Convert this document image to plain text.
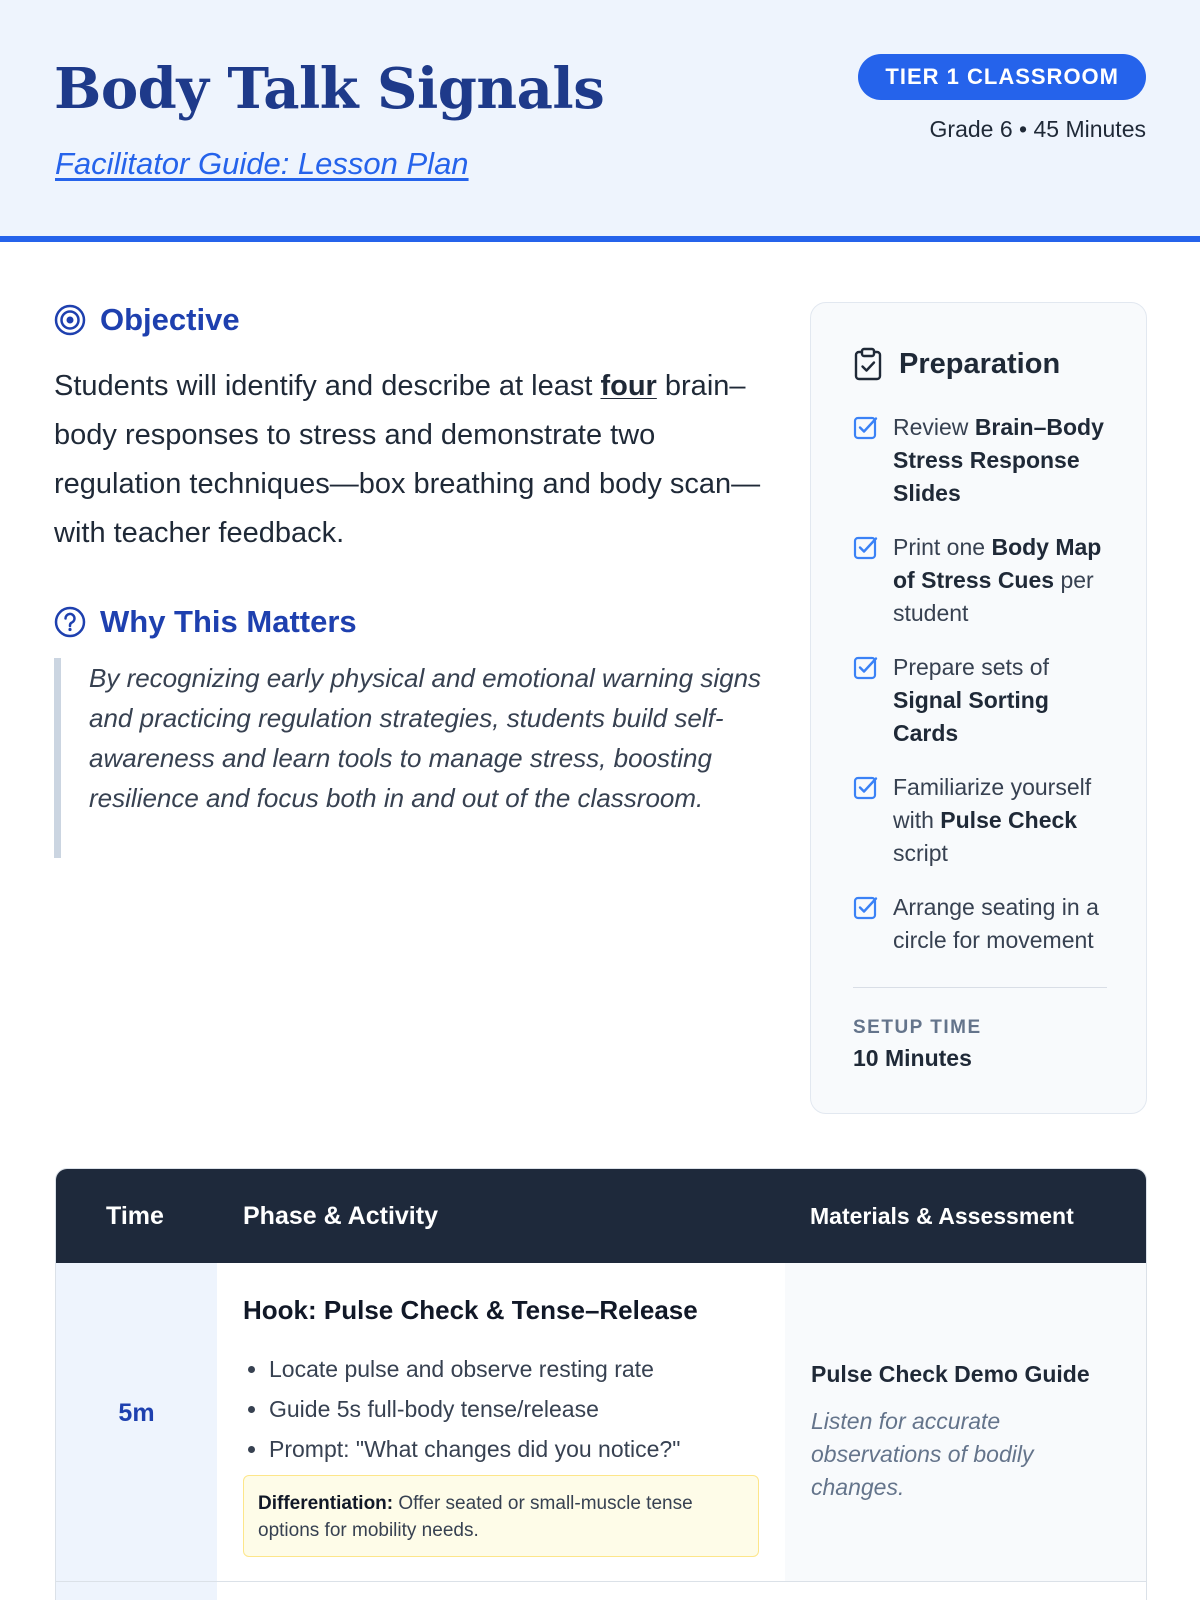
Body Talk Signals
Facilitator Guide: Lesson Plan
TIER 1 CLASSROOM
Grade 6 • 45 Minutes
Objective

Students will identify and describe at least four brain–body responses to stress and demonstrate two regulation techniques—box breathing and body scan—with teacher feedback.

Why This Matters
By recognizing early physical and emotional warning signs and practicing regulation strategies, students build self-awareness and learn tools to manage stress, boosting resilience and focus both in and out of the classroom.
Preparation
Review Brain–Body Stress Response Slides
Print one Body Map of Stress Cues per student
Prepare sets of Signal Sorting Cards
Familiarize yourself with Pulse Check script
Arrange seating in a circle for movement
SETUP TIME
10 Minutes
Time	Phase & Activity	Materials & Assessment
5m
Hook: Pulse Check & Tense–Release
• Locate pulse and observe resting rate
• Guide 5s full-body tense/release
• Prompt: "What changes did you notice?"
Differentiation: Offer seated or small-muscle tense options for mobility needs.
Pulse Check Demo Guide
Listen for accurate observations of bodily changes.
